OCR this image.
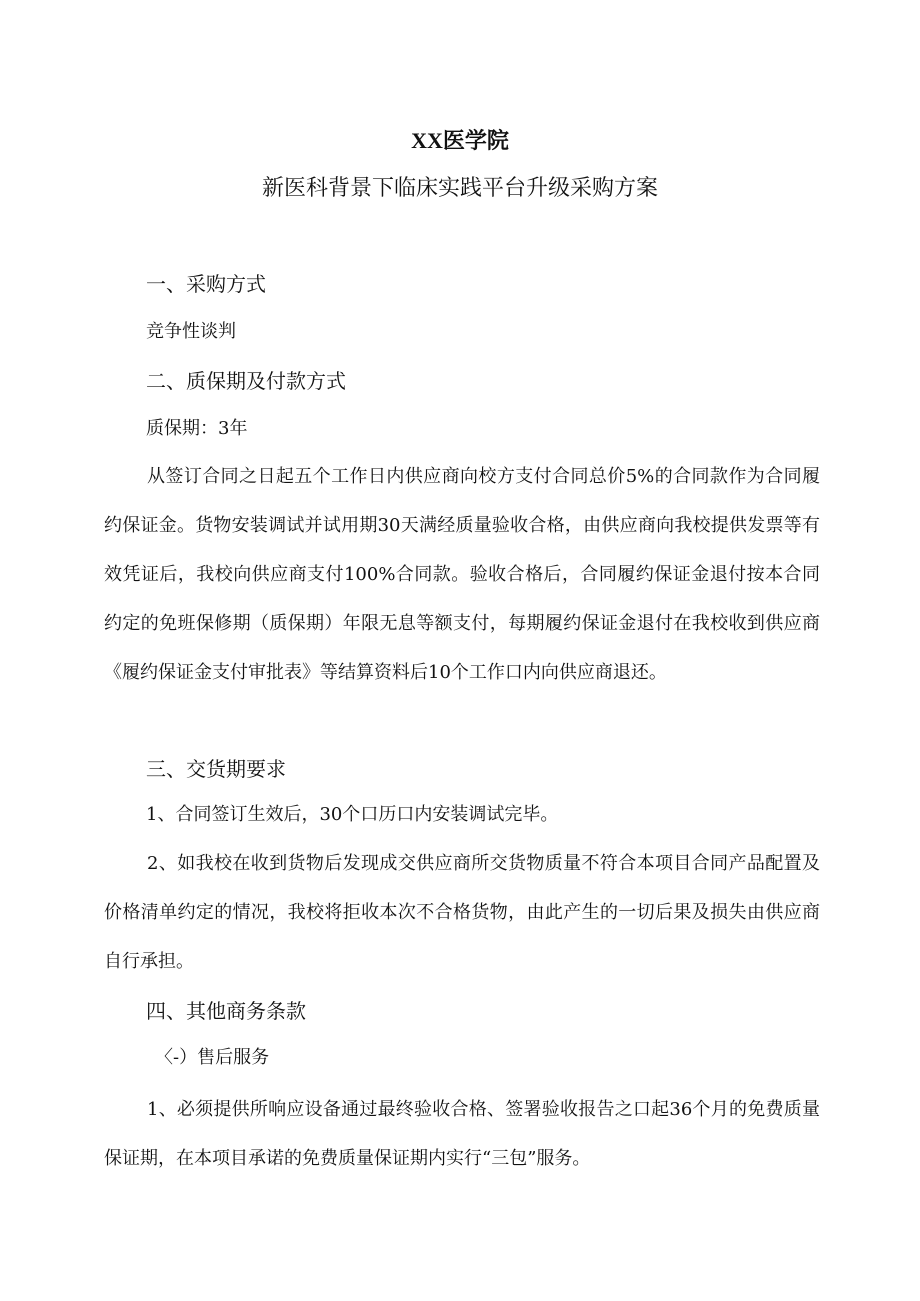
XX医学院
新医科背景下临床实践平台升级采购方案
一、采购方式
竞争性谈判
二、质保期及付款方式
质保期：3年
从签订合同之日起五个工作日内供应商向校方支付合同总价5%的合同款作为合同履约保证金。货物安装调试并试用期30天满经质量验收合格，由供应商向我校提供发票等有效凭证后，我校向供应商支付100%合同款。验收合格后，合同履约保证金退付按本合同约定的免班保修期（质保期）年限无息等额支付，每期履约保证金退付在我校收到供应商《履约保证金支付审批表》等结算资料后10个工作口内向供应商退还。
三、交货期要求
1、合同签订生效后，30个口历口内安装调试完毕。
2、如我校在收到货物后发现成交供应商所交货物质量不符合本项目合同产品配置及价格清单约定的情况，我校将拒收本次不合格货物，由此产生的一切后果及损失由供应商自行承担。
四、其他商务条款
〈-）售后服务
1、必须提供所响应设备通过最终验收合格、签署验收报告之口起36个月的免费质量保证期，在本项目承诺的免费质量保证期内实行“三包”服务。
